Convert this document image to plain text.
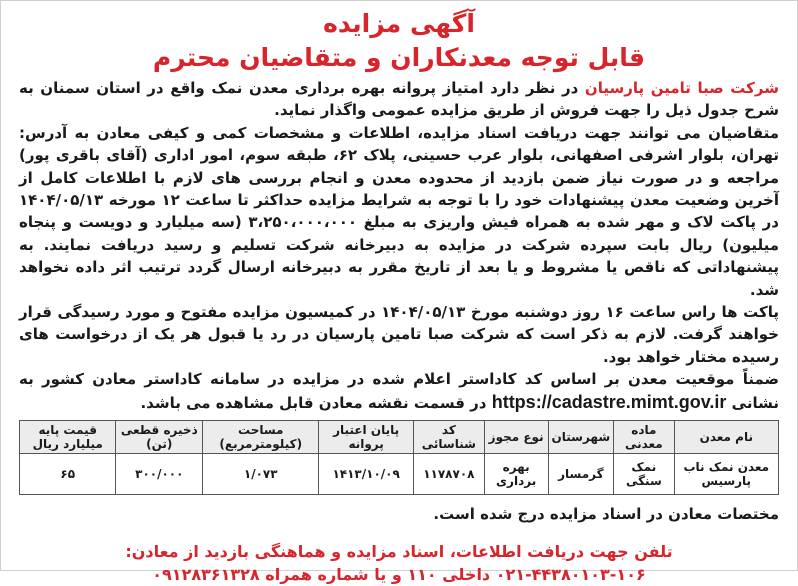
آگهی مزایده
قابل توجه معدنکاران و متقاضیان محترم

شرکت صبا تامین پارسیان در نظر دارد امتیاز پروانه بهره برداری معدن نمک واقع در استان سمنان به شرح جدول ذیل را جهت فروش از طریق مزایده عمومی واگذار نماید.

متقاضیان می توانند جهت دریافت اسناد مزایده، اطلاعات و مشخصات کمی و کیفی معادن به آدرس: تهران، بلوار اشرفی اصفهانی، بلوار عرب حسینی، پلاک ۶۲، طبقه سوم، امور اداری (آقای باقری پور) مراجعه و در صورت نیاز ضمن بازدید از محدوده معدن و انجام بررسی های لازم با اطلاعات کامل از آخرین وضعیت معدن پیشنهادات خود را با توجه به شرایط مزایده حداکثر تا ساعت ۱۲ مورخه ۱۴۰۴/۰۵/۱۳ در پاکت لاک و مهر شده به همراه فیش واریزی به مبلغ ۳،۲۵۰،۰۰۰،۰۰۰ (سه میلیارد و دویست و پنجاه میلیون) ریال بابت سپرده شرکت در مزایده به دبیرخانه شرکت تسلیم و رسید دریافت نمایند. به پیشنهاداتی که ناقص یا مشروط و یا بعد از تاریخ مقرر به دبیرخانه ارسال گردد ترتیب اثر داده نخواهد شد.

پاکت ها راس ساعت ۱۶ روز دوشنبه مورخ ۱۴۰۴/۰۵/۱۳ در کمیسیون مزایده مفتوح و مورد رسیدگی قرار خواهند گرفت. لازم به ذکر است که شرکت صبا تامین پارسیان در رد یا قبول هر یک از درخواست های رسیده مختار خواهد بود.

ضمناً موقعیت معدن بر اساس کد کاداستر اعلام شده در مزایده در سامانه کاداستر معادن کشور به نشانی https://cadastre.mimt.gov.ir در قسمت نقشه معادن قابل مشاهده می باشد.

نام معدن	ماده معدنی	شهرستان	نوع مجوز	کد شناسائی	پایان اعتبار پروانه	مساحت (کیلومترمربع)	ذخیره قطعی (تن)	قیمت پایه میلیارد ریال
معدن نمک ناب پارسیس	نمک سنگی	گرمسار	بهره برداری	۱۱۷۸۷۰۸	۱۴۱۳/۱۰/۰۹	۱/۰۷۳	۳۰۰/۰۰۰	۶۵

مختصات معادن در اسناد مزایده درج شده است.

تلفن جهت دریافت اطلاعات، اسناد مزایده و هماهنگی بازدید از معادن:

۰۲۱-۴۴۳۸۰۱۰۳-۱۰۶ داخلی ۱۱۰ و یا شماره همراه ۰۹۱۲۸۳۶۱۳۲۸
